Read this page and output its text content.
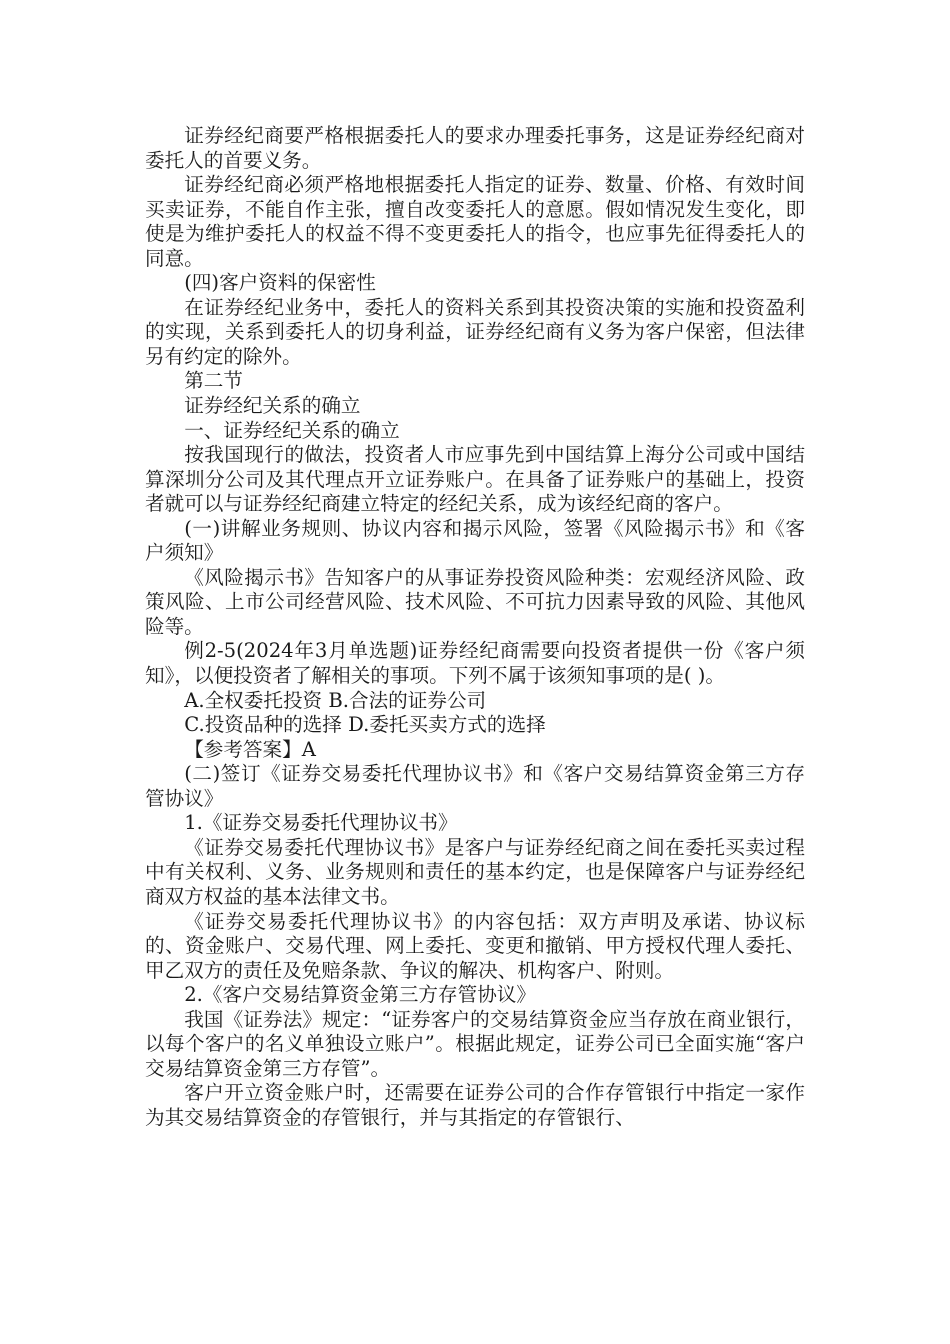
证券经纪商要严格根据委托人的要求办理委托事务，这是证券经纪商对委托人的首要义务。

证券经纪商必须严格地根据委托人指定的证券、数量、价格、有效时间买卖证券，不能自作主张，擅自改变委托人的意愿。假如情况发生变化，即使是为维护委托人的权益不得不变更委托人的指令，也应事先征得委托人的同意。

(四)客户资料的保密性

在证券经纪业务中，委托人的资料关系到其投资决策的实施和投资盈利的实现，关系到委托人的切身利益，证券经纪商有义务为客户保密，但法律另有约定的除外。

第二节

证券经纪关系的确立

一、证券经纪关系的确立

按我国现行的做法，投资者人市应事先到中国结算上海分公司或中国结算深圳分公司及其代理点开立证券账户。在具备了证券账户的基础上，投资者就可以与证券经纪商建立特定的经纪关系，成为该经纪商的客户。

(一)讲解业务规则、协议内容和揭示风险，签署《风险揭示书》和《客户须知》

《风险揭示书》告知客户的从事证券投资风险种类：宏观经济风险、政策风险、上市公司经营风险、技术风险、不可抗力因素导致的风险、其他风险等。

例2-5(2024年3月单选题)证券经纪商需要向投资者提供一份《客户须知》，以便投资者了解相关的事项。下列不属于该须知事项的是( )。

A.全权委托投资 B.合法的证券公司

C.投资品种的选择 D.委托买卖方式的选择

【参考答案】A

(二)签订《证券交易委托代理协议书》和《客户交易结算资金第三方存管协议》

1.《证券交易委托代理协议书》

《证券交易委托代理协议书》是客户与证券经纪商之间在委托买卖过程中有关权利、义务、业务规则和责任的基本约定，也是保障客户与证券经纪商双方权益的基本法律文书。

《证券交易委托代理协议书》的内容包括：双方声明及承诺、协议标的、资金账户、交易代理、网上委托、变更和撤销、甲方授权代理人委托、甲乙双方的责任及免赔条款、争议的解决、机构客户、附则。

2.《客户交易结算资金第三方存管协议》

我国《证券法》规定：“证券客户的交易结算资金应当存放在商业银行，以每个客户的名义单独设立账户”。根据此规定，证券公司已全面实施“客户交易结算资金第三方存管”。

客户开立资金账户时，还需要在证券公司的合作存管银行中指定一家作为其交易结算资金的存管银行，并与其指定的存管银行、
